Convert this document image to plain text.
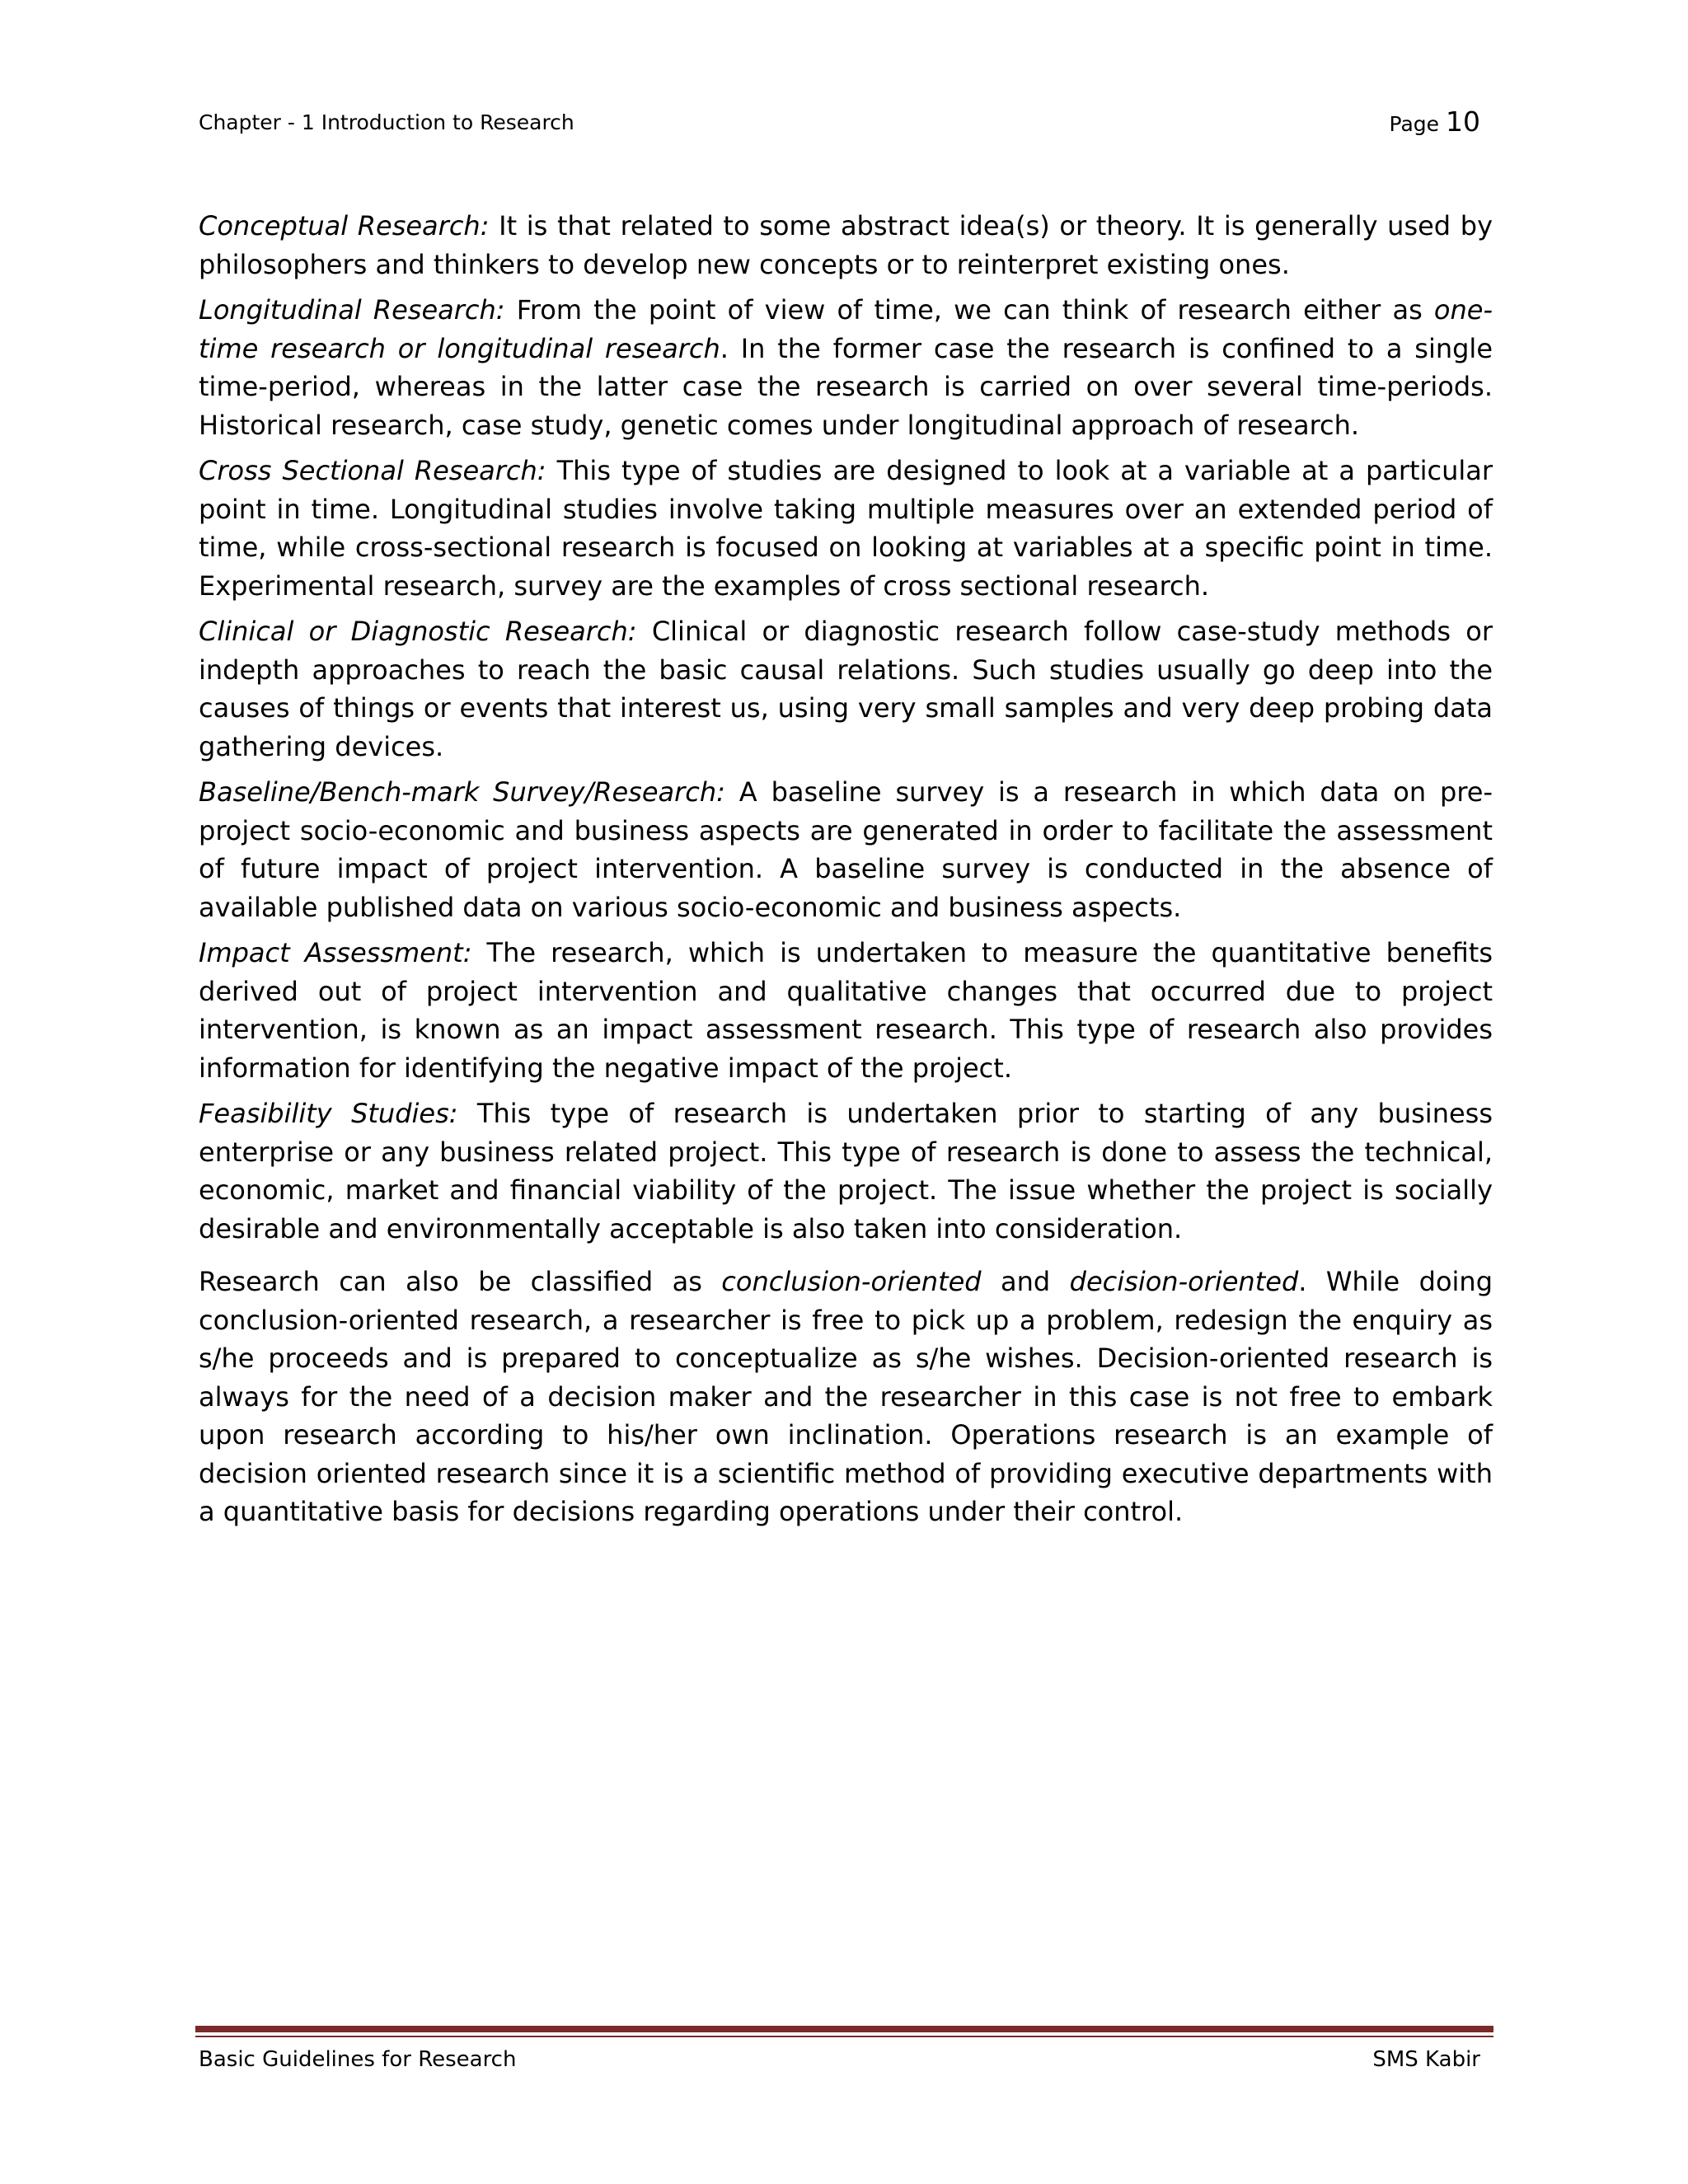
Chapter - 1 Introduction to Research	Page 10

Conceptual Research: It is that related to some abstract idea(s) or theory. It is generally used by philosophers and thinkers to develop new concepts or to reinterpret existing ones.

Longitudinal Research: From the point of view of time, we can think of research either as one-time research or longitudinal research. In the former case the research is confined to a single time-period, whereas in the latter case the research is carried on over several time-periods. Historical research, case study, genetic comes under longitudinal approach of research.

Cross Sectional Research: This type of studies are designed to look at a variable at a particular point in time. Longitudinal studies involve taking multiple measures over an extended period of time, while cross-sectional research is focused on looking at variables at a specific point in time. Experimental research, survey are the examples of cross sectional research.

Clinical or Diagnostic Research: Clinical or diagnostic research follow case-study methods or indepth approaches to reach the basic causal relations. Such studies usually go deep into the causes of things or events that interest us, using very small samples and very deep probing data gathering devices.

Baseline/Bench-mark Survey/Research: A baseline survey is a research in which data on pre-project socio-economic and business aspects are generated in order to facilitate the assessment of future impact of project intervention. A baseline survey is conducted in the absence of available published data on various socio-economic and business aspects.

Impact Assessment: The research, which is undertaken to measure the quantitative benefits derived out of project intervention and qualitative changes that occurred due to project intervention, is known as an impact assessment research. This type of research also provides information for identifying the negative impact of the project.

Feasibility Studies: This type of research is undertaken prior to starting of any business enterprise or any business related project. This type of research is done to assess the technical, economic, market and financial viability of the project. The issue whether the project is socially desirable and environmentally acceptable is also taken into consideration.

Research can also be classified as conclusion-oriented and decision-oriented. While doing conclusion-oriented research, a researcher is free to pick up a problem, redesign the enquiry as s/he proceeds and is prepared to conceptualize as s/he wishes. Decision-oriented research is always for the need of a decision maker and the researcher in this case is not free to embark upon research according to his/her own inclination. Operations research is an example of decision oriented research since it is a scientific method of providing executive departments with a quantitative basis for decisions regarding operations under their control.

Basic Guidelines for Research	SMS Kabir
